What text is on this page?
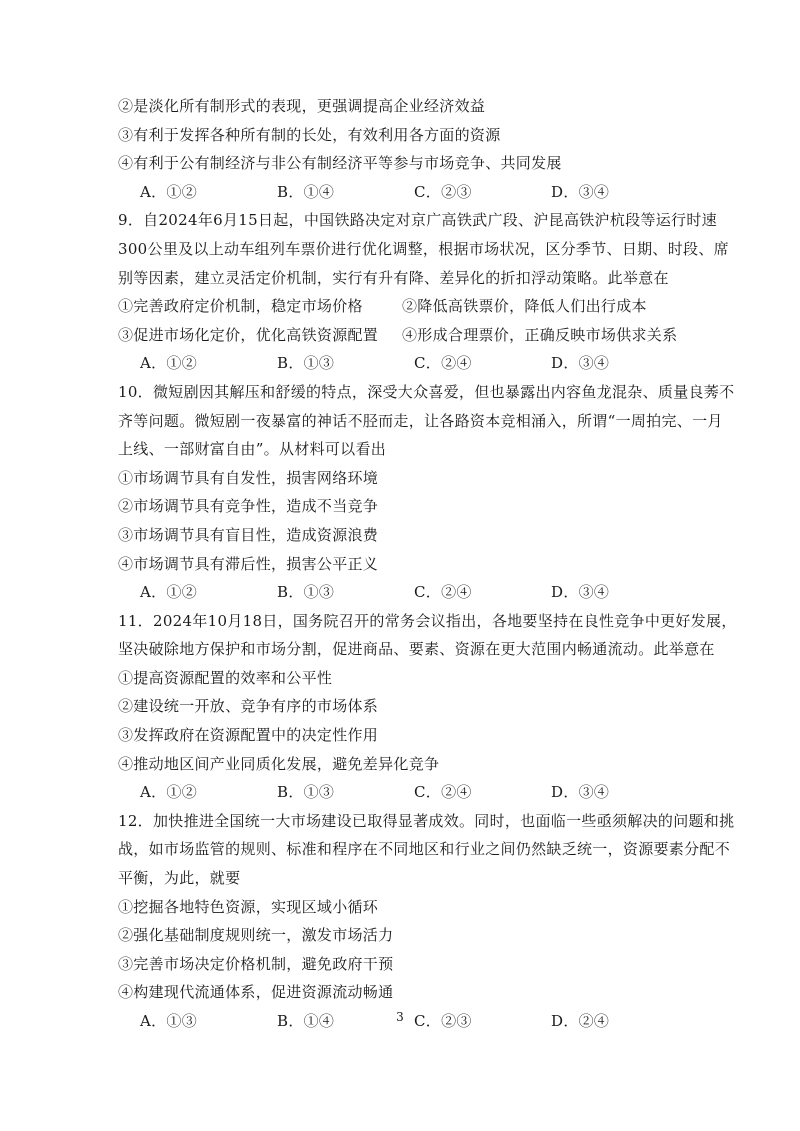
②是淡化所有制形式的表现，更强调提高企业经济效益
③有利于发挥各种所有制的长处，有效利用各方面的资源
④有利于公有制经济与非公有制经济平等参与市场竞争、共同发展
A．①②	B．①④	C．②③	D．③④
9．自2024年6月15日起，中国铁路决定对京广高铁武广段、沪昆高铁沪杭段等运行时速
300公里及以上动车组列车票价进行优化调整，根据市场状况，区分季节、日期、时段、席
别等因素，建立灵活定价机制，实行有升有降、差异化的折扣浮动策略。此举意在
①完善政府定价机制，稳定市场价格	②降低高铁票价，降低人们出行成本
③促进市场化定价，优化高铁资源配置	④形成合理票价，正确反映市场供求关系
A．①②	B．①③	C．②④	D．③④
10．微短剧因其解压和舒缓的特点，深受大众喜爱，但也暴露出内容鱼龙混杂、质量良莠不
齐等问题。微短剧一夜暴富的神话不胫而走，让各路资本竞相涌入，所谓“一周拍完、一月
上线、一部财富自由”。从材料可以看出
①市场调节具有自发性，损害网络环境
②市场调节具有竞争性，造成不当竞争
③市场调节具有盲目性，造成资源浪费
④市场调节具有滞后性，损害公平正义
A．①②	B．①③	C．②④	D．③④
11．2024年10月18日，国务院召开的常务会议指出，各地要坚持在良性竞争中更好发展，
坚决破除地方保护和市场分割，促进商品、要素、资源在更大范围内畅通流动。此举意在
①提高资源配置的效率和公平性
②建设统一开放、竞争有序的市场体系
③发挥政府在资源配置中的决定性作用
④推动地区间产业同质化发展，避免差异化竞争
A．①②	B．①③	C．②④	D．③④
12．加快推进全国统一大市场建设已取得显著成效。同时，也面临一些亟须解决的问题和挑
战，如市场监管的规则、标准和程序在不同地区和行业之间仍然缺乏统一，资源要素分配不
平衡，为此，就要
①挖掘各地特色资源，实现区域小循环
②强化基础制度规则统一，激发市场活力
③完善市场决定价格机制，避免政府干预
④构建现代流通体系，促进资源流动畅通
A．①③	B．①④	C．②③	D．②④
3
